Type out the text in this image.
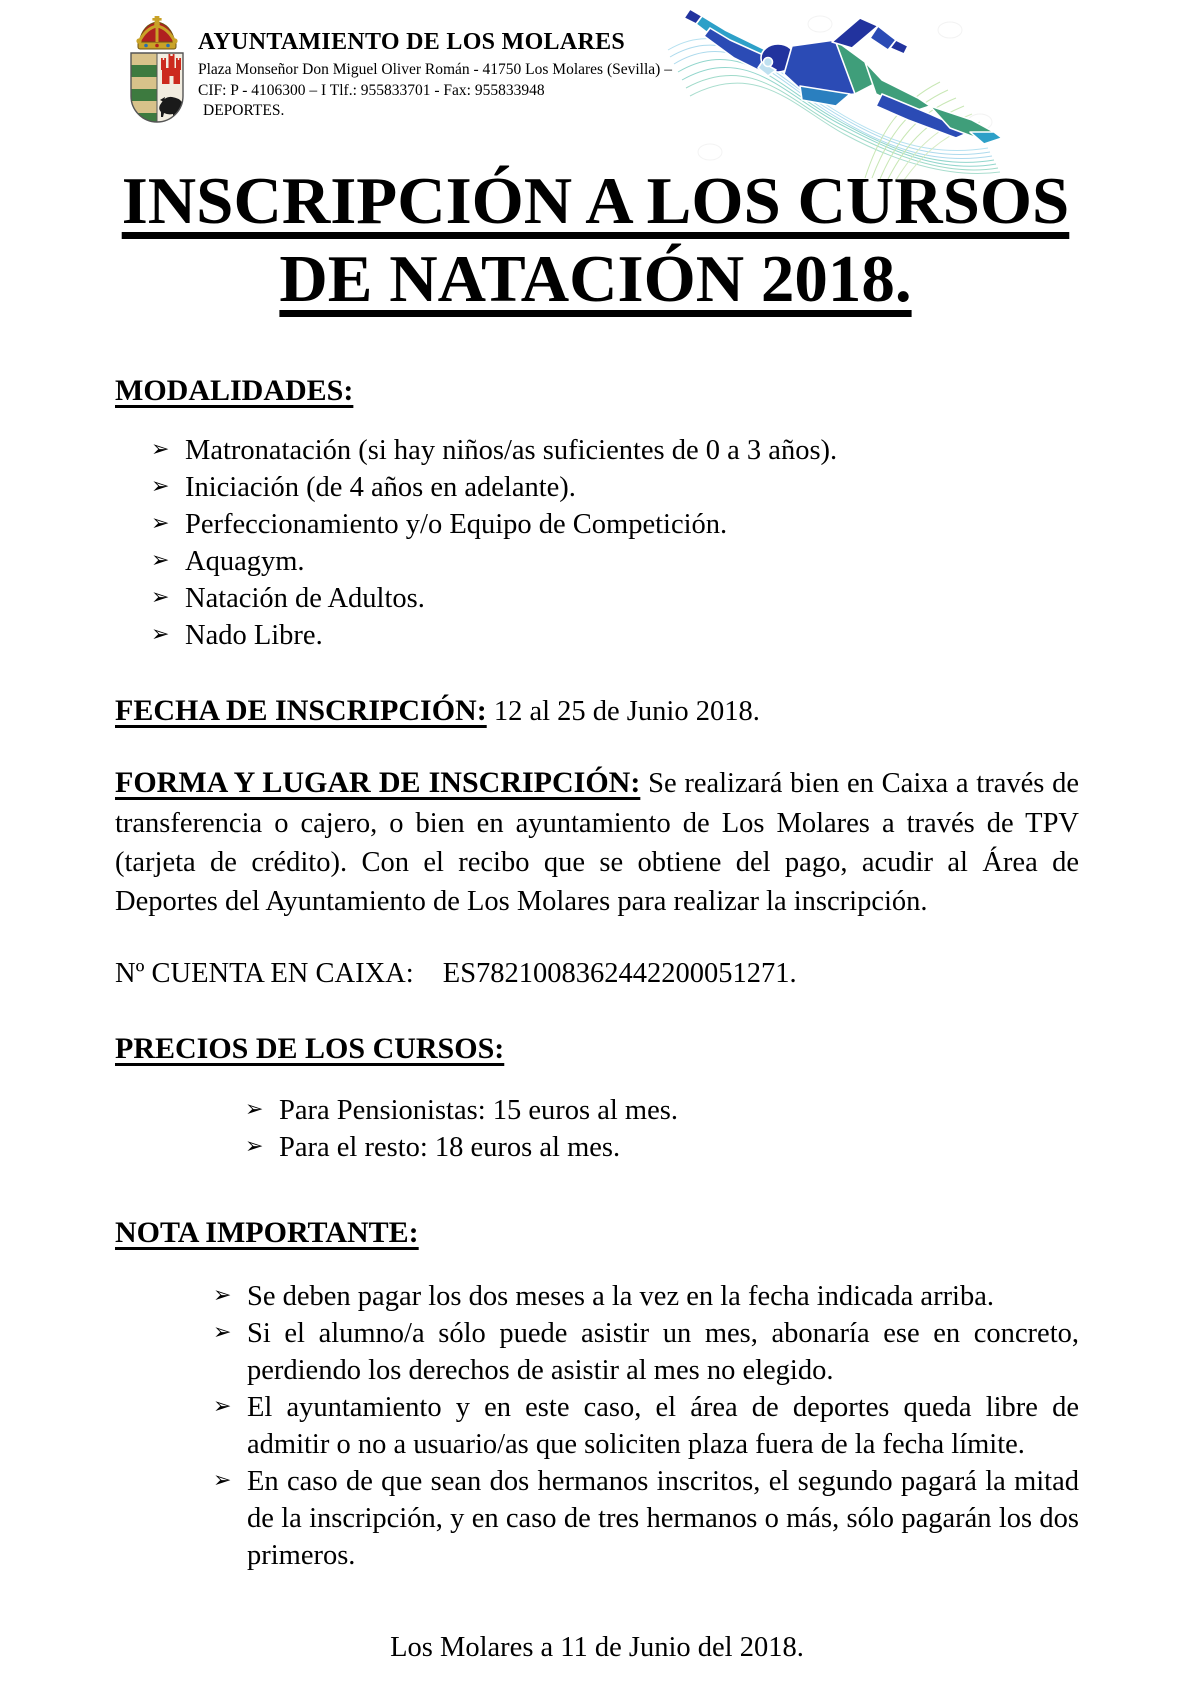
AYUNTAMIENTO DE LOS MOLARES
Plaza Monseñor Don Miguel Oliver Román - 41750 Los Molares (Sevilla) –
CIF: P - 4106300 – I Tlf.: 955833701 - Fax: 955833948
DEPORTES.
INSCRIPCIÓN A LOS CURSOS
DE NATACIÓN 2018.
MODALIDADES:
➢ Matronatación (si hay niños/as suficientes de 0 a 3 años).
➢ Iniciación (de 4 años en adelante).
➢ Perfeccionamiento y/o Equipo de Competición.
➢ Aquagym.
➢ Natación de Adultos.
➢ Nado Libre.

FECHA DE INSCRIPCIÓN: 12 al 25 de Junio 2018.

FORMA Y LUGAR DE INSCRIPCIÓN: Se realizará bien en Caixa a través de transferencia o cajero, o bien en ayuntamiento de Los Molares a través de TPV (tarjeta de crédito). Con el recibo que se obtiene del pago, acudir al Área de Deportes del Ayuntamiento de Los Molares para realizar la inscripción.

Nº CUENTA EN CAIXA: ES7821008362442200051271.

PRECIOS DE LOS CURSOS:
➢ Para Pensionistas: 15 euros al mes.
➢ Para el resto: 18 euros al mes.
NOTA IMPORTANTE:
➢ Se deben pagar los dos meses a la vez en la fecha indicada arriba.
➢ Si el alumno/a sólo puede asistir un mes, abonaría ese en concreto, perdiendo los derechos de asistir al mes no elegido.
➢ El ayuntamiento y en este caso, el área de deportes queda libre de admitir o no a usuario/as que soliciten plaza fuera de la fecha límite.
➢ En caso de que sean dos hermanos inscritos, el segundo pagará la mitad de la inscripción, y en caso de tres hermanos o más, sólo pagarán los dos primeros.

Los Molares a 11 de Junio del 2018.
